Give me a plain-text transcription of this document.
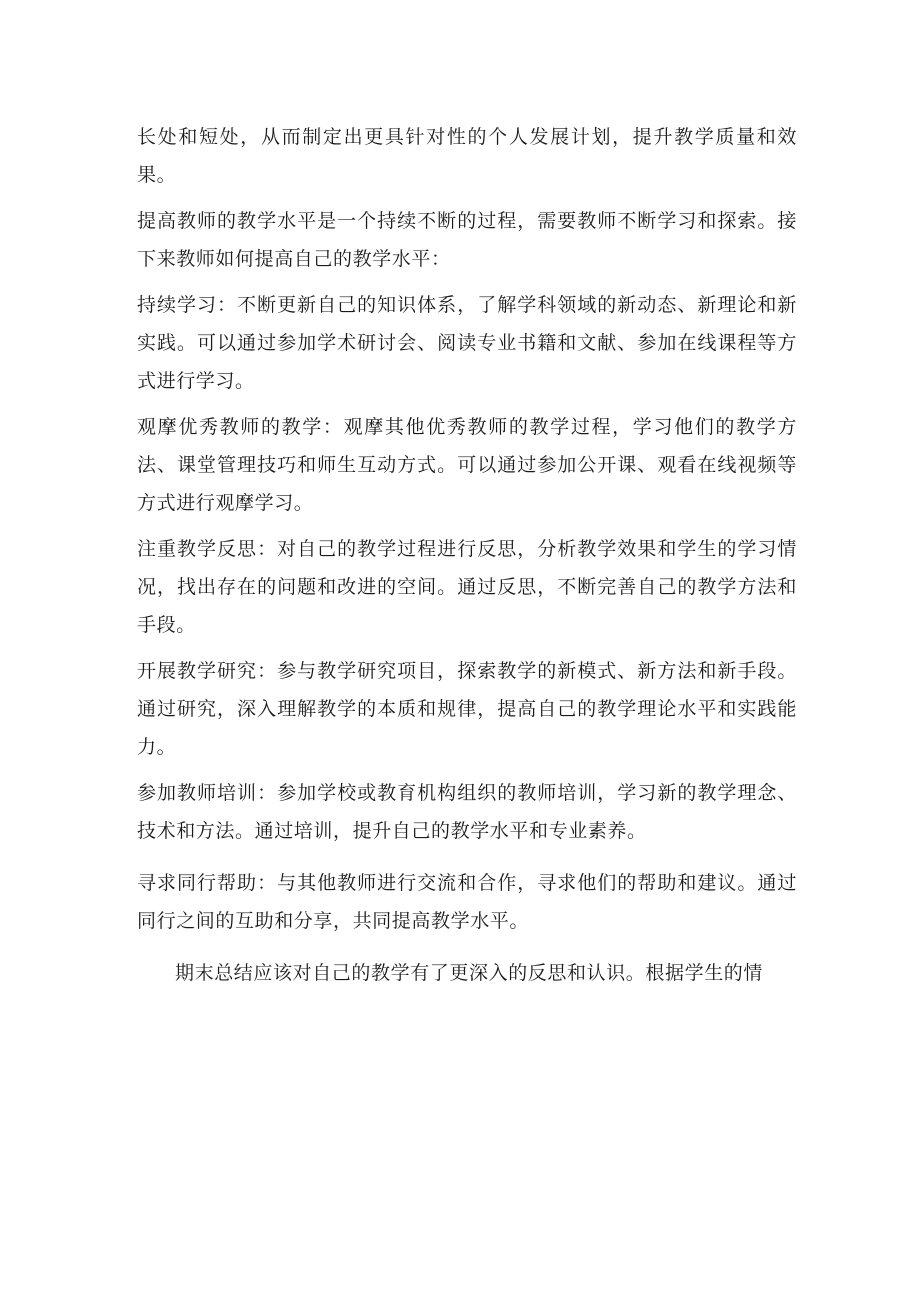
长处和短处，从而制定出更具针对性的个人发展计划，提升教学质量和效果。

提高教师的教学水平是一个持续不断的过程，需要教师不断学习和探索。接下来教师如何提高自己的教学水平：

持续学习：不断更新自己的知识体系，了解学科领域的新动态、新理论和新实践。可以通过参加学术研讨会、阅读专业书籍和文献、参加在线课程等方式进行学习。

观摩优秀教师的教学：观摩其他优秀教师的教学过程，学习他们的教学方法、课堂管理技巧和师生互动方式。可以通过参加公开课、观看在线视频等方式进行观摩学习。

注重教学反思：对自己的教学过程进行反思，分析教学效果和学生的学习情况，找出存在的问题和改进的空间。通过反思，不断完善自己的教学方法和手段。

开展教学研究：参与教学研究项目，探索教学的新模式、新方法和新手段。通过研究，深入理解教学的本质和规律，提高自己的教学理论水平和实践能力。

参加教师培训：参加学校或教育机构组织的教师培训，学习新的教学理念、技术和方法。通过培训，提升自己的教学水平和专业素养。

寻求同行帮助：与其他教师进行交流和合作，寻求他们的帮助和建议。通过同行之间的互助和分享，共同提高教学水平。

期末总结应该对自己的教学有了更深入的反思和认识。根据学生的情
